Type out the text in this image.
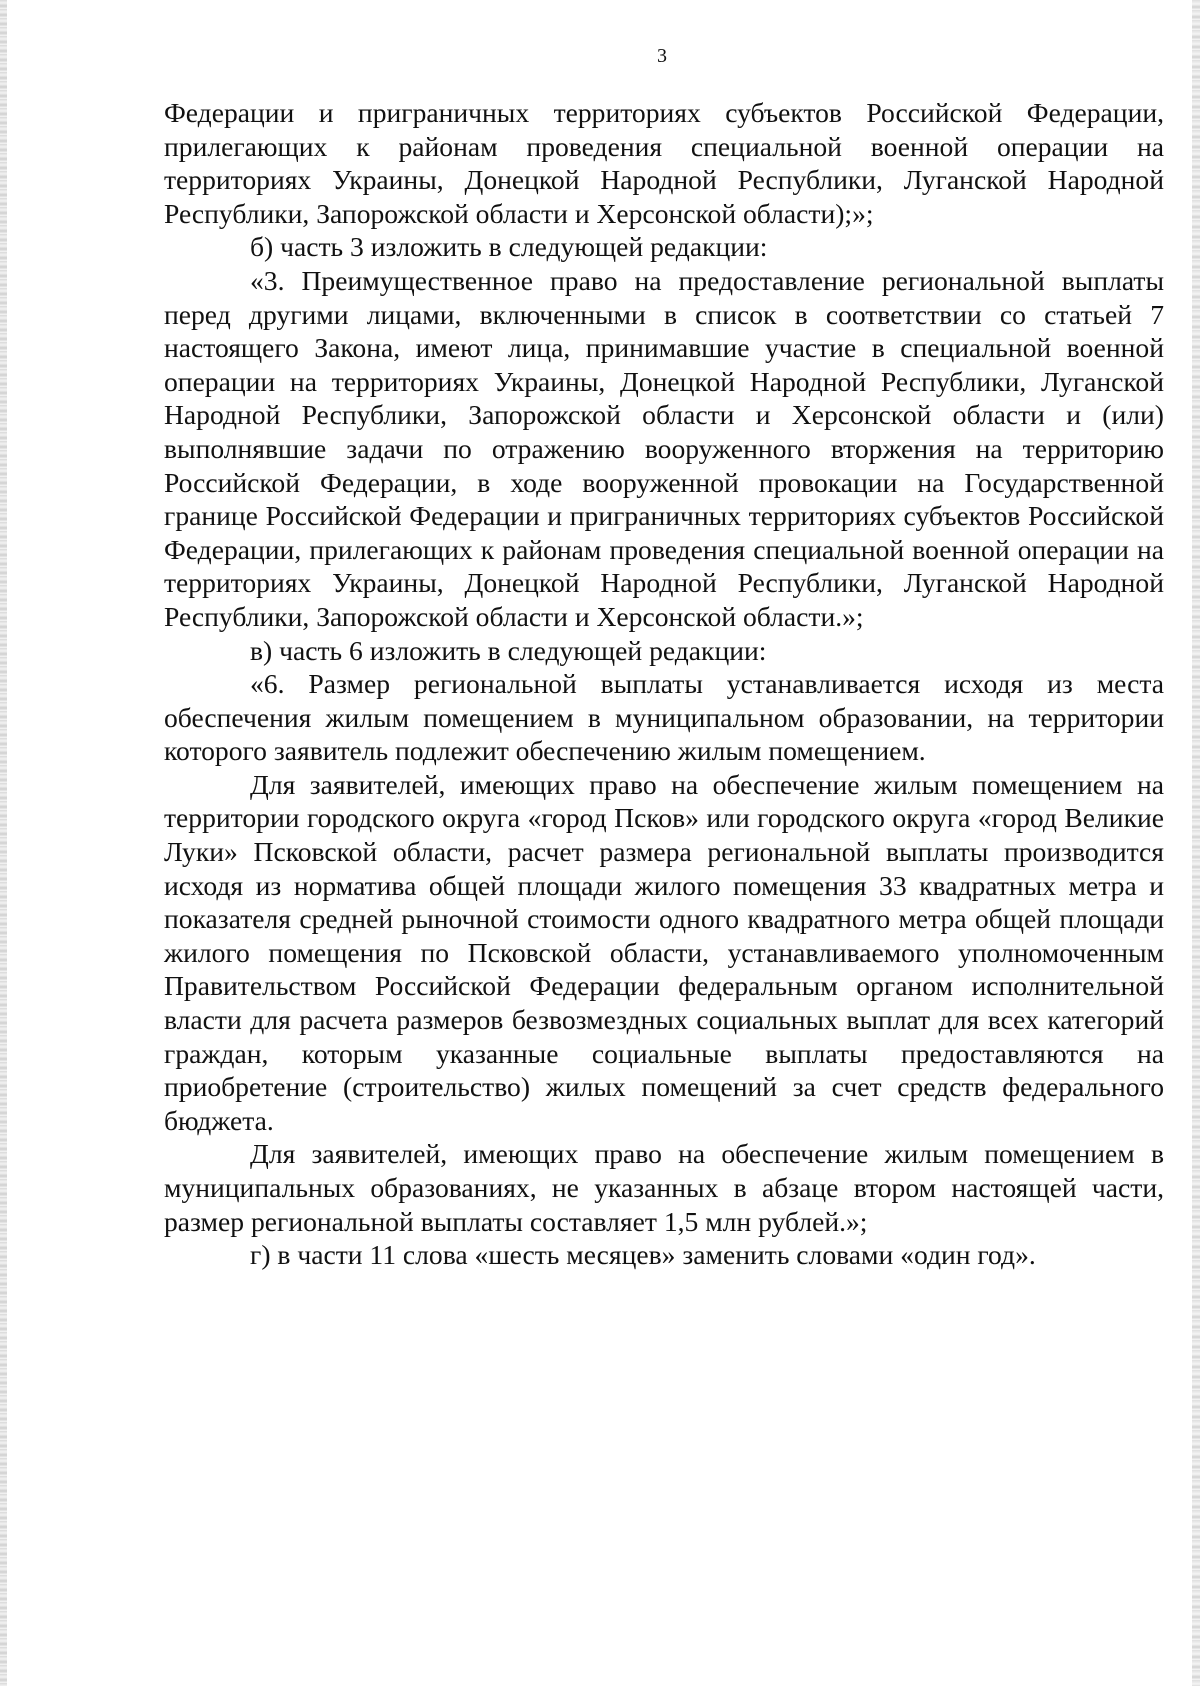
3

Федерации и приграничных территориях субъектов Российской Федерации, прилегающих к районам проведения специальной военной операции на территориях Украины, Донецкой Народной Республики, Луганской Народной Республики, Запорожской области и Херсонской области);»;

б) часть 3 изложить в следующей редакции:

«3. Преимущественное право на предоставление региональной выплаты перед другими лицами, включенными в список в соответствии со статьей 7 настоящего Закона, имеют лица, принимавшие участие в специальной военной операции на территориях Украины, Донецкой Народной Республики, Луганской Народной Республики, Запорожской области и Херсонской области и (или) выполнявшие задачи по отражению вооруженного вторжения на территорию Российской Федерации, в ходе вооруженной провокации на Государственной границе Российской Федерации и приграничных территориях субъектов Российской Федерации, прилегающих к районам проведения специальной военной операции на территориях Украины, Донецкой Народной Республики, Луганской Народной Республики, Запорожской области и Херсонской области.»;

в) часть 6 изложить в следующей редакции:

«6. Размер региональной выплаты устанавливается исходя из места обеспечения жилым помещением в муниципальном образовании, на территории которого заявитель подлежит обеспечению жилым помещением.

Для заявителей, имеющих право на обеспечение жилым помещением на территории городского округа «город Псков» или городского округа «город Великие Луки» Псковской области, расчет размера региональной выплаты производится исходя из норматива общей площади жилого помещения 33 квадратных метра и показателя средней рыночной стоимости одного квадратного метра общей площади жилого помещения по Псковской области, устанавливаемого уполномоченным Правительством Российской Федерации федеральным органом исполнительной власти для расчета размеров безвозмездных социальных выплат для всех категорий граждан, которым указанные социальные выплаты предоставляются на приобретение (строительство) жилых помещений за счет средств федерального бюджета.

Для заявителей, имеющих право на обеспечение жилым помещением в муниципальных образованиях, не указанных в абзаце втором настоящей части, размер региональной выплаты составляет 1,5 млн рублей.»;

г) в части 11 слова «шесть месяцев» заменить словами «один год».
